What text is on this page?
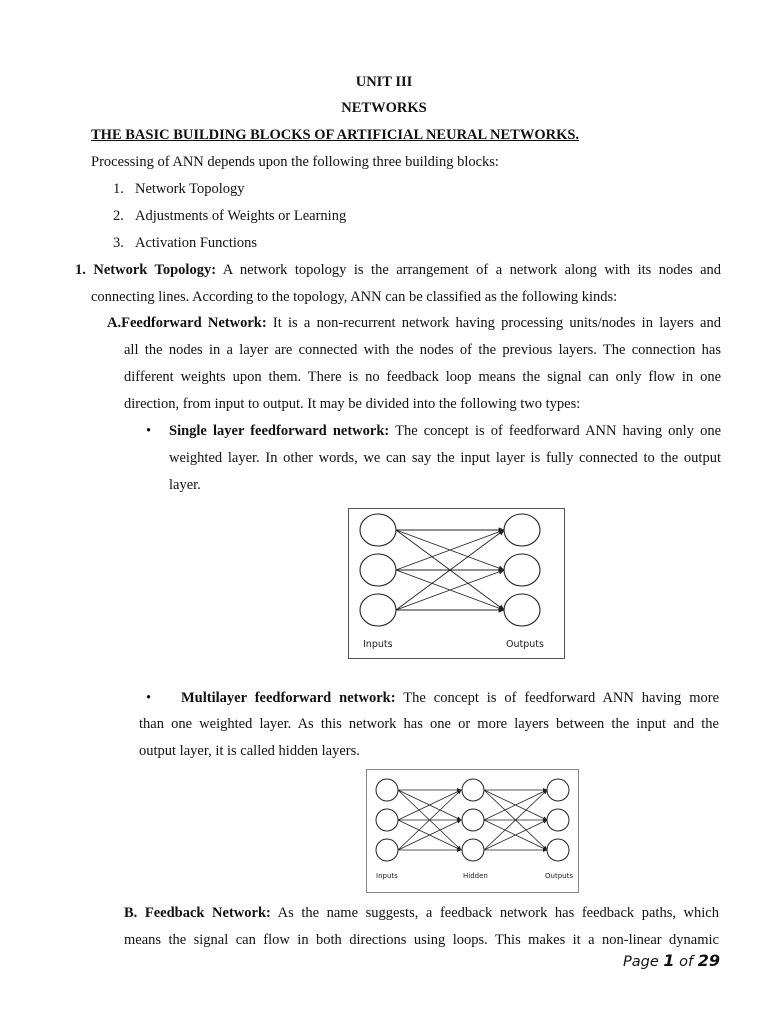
UNIT III
NETWORKS
THE BASIC BUILDING BLOCKS OF ARTIFICIAL NEURAL NETWORKS.
Processing of ANN depends upon the following three building blocks:
1. Network Topology
2. Adjustments of Weights or Learning
3. Activation Functions
1. Network Topology: A network topology is the arrangement of a network along with its nodes and
connecting lines. According to the topology, ANN can be classified as the following kinds:
A.Feedforward Network: It is a non-recurrent network having processing units/nodes in layers and
all the nodes in a layer are connected with the nodes of the previous layers. The connection has
different weights upon them. There is no feedback loop means the signal can only flow in one
direction, from input to output. It may be divided into the following two types:
• Single layer feedforward network: The concept is of feedforward ANN having only one
weighted layer. In other words, we can say the input layer is fully connected to the output
layer.
Inputs	Outputs
• Multilayer feedforward network: The concept is of feedforward ANN having more
than one weighted layer. As this network has one or more layers between the input and the
output layer, it is called hidden layers.
Inputs	Hidden	Outputs
B. Feedback Network: As the name suggests, a feedback network has feedback paths, which
means the signal can flow in both directions using loops. This makes it a non-linear dynamic
Page 1 of 29
